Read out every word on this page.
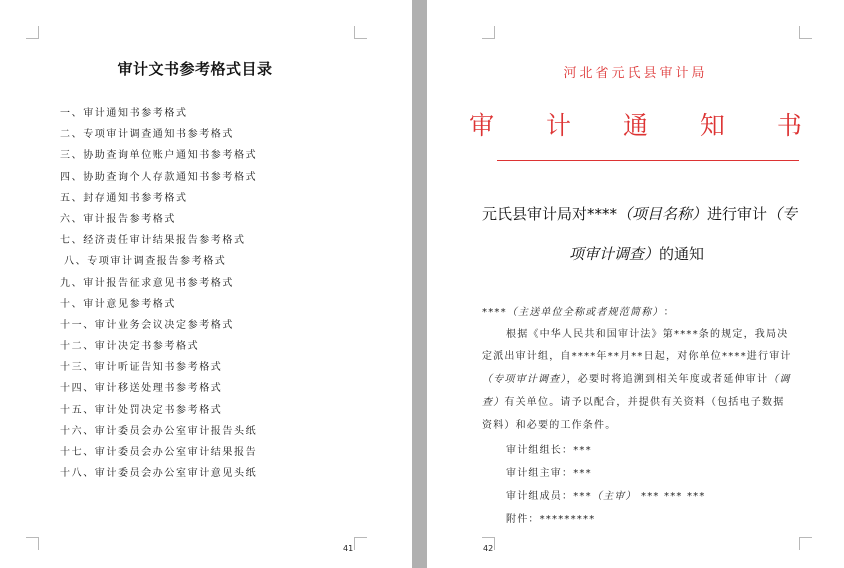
审计文书参考格式目录
一、审计通知书参考格式
二、专项审计调查通知书参考格式
三、协助查询单位账户通知书参考格式
四、协助查询个人存款通知书参考格式
五、封存通知书参考格式
六、审计报告参考格式
七、经济责任审计结果报告参考格式
八、专项审计调查报告参考格式
九、审计报告征求意见书参考格式
十、审计意见参考格式
十一、审计业务会议决定参考格式
十二、审计决定书参考格式
十三、审计听证告知书参考格式
十四、审计移送处理书参考格式
十五、审计处罚决定书参考格式
十六、审计委员会办公室审计报告头纸
十七、审计委员会办公室审计结果报告
十八、审计委员会办公室审计意见头纸
41
河北省元氏县审计局
审 计 通 知 书
元氏县审计局对****（项目名称）进行审计（专
项审计调查）的通知
****（主送单位全称或者规范简称）：
根据《中华人民共和国审计法》第****条的规定，我局决
定派出审计组，自****年**月**日起，对你单位****进行审计
（专项审计调查），必要时将追溯到相关年度或者延伸审计（调
查）有关单位。请予以配合，并提供有关资料（包括电子数据
资料）和必要的工作条件。
审计组组长：***
审计组主审：***
审计组成员：***（主审） *** *** ***
附件：*********
42
